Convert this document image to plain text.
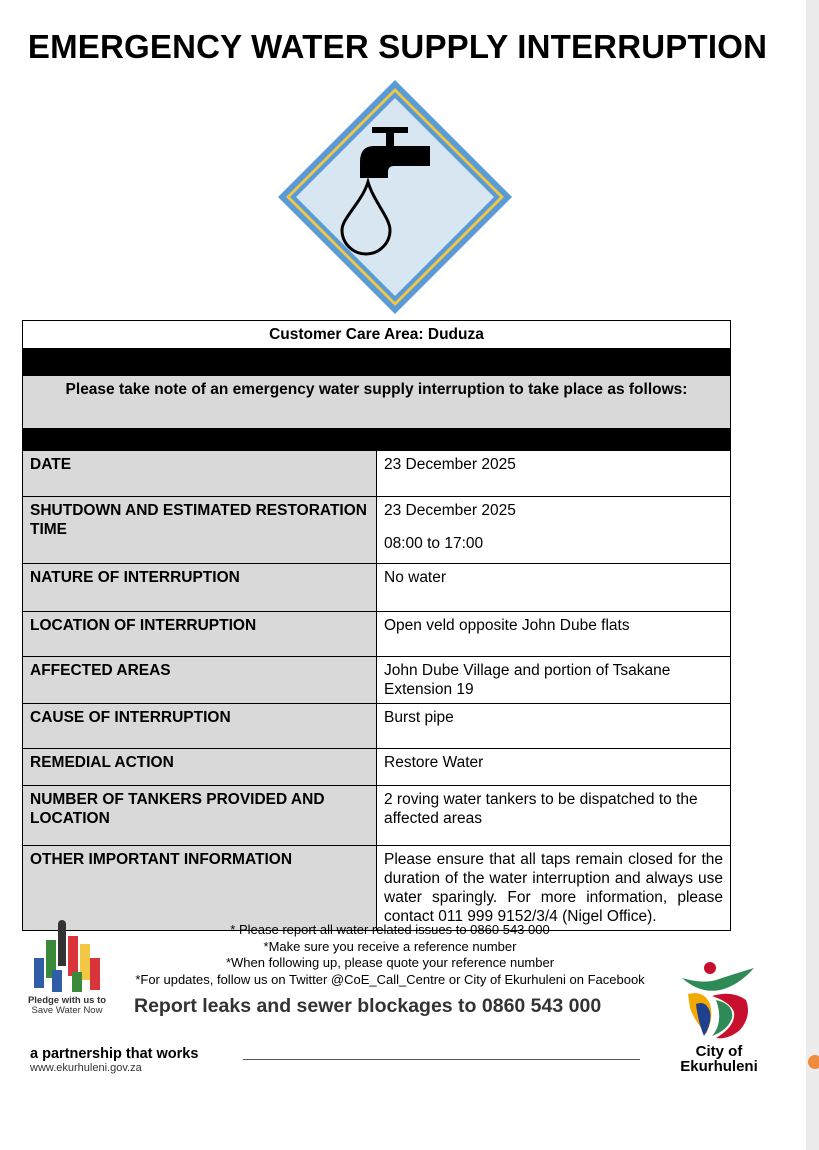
EMERGENCY WATER SUPPLY INTERRUPTION
Customer Care Area: Duduza	

Please take note of an emergency water supply interruption to take place as follows:	

DATE	23 December 2025
SHUTDOWN AND ESTIMATED RESTORATION TIME	23 December 2025
08:00 to 17:00

NATURE OF INTERRUPTION	No water
LOCATION OF INTERRUPTION	Open veld opposite John Dube flats
AFFECTED AREAS	John Dube Village and portion of Tsakane Extension 19
CAUSE OF INTERRUPTION	Burst pipe
REMEDIAL ACTION	Restore Water
NUMBER OF TANKERS PROVIDED AND LOCATION	2 roving water tankers to be dispatched to the affected areas
OTHER IMPORTANT INFORMATION	Please ensure that all taps remain closed for the duration of the water interruption and always use water sparingly. For more information, please contact 011 999 9152/3/4 (Nigel Office).
Pledge with us to
Save Water Now
* Please report all water related issues to 0860 543 000
*Make sure you receive a reference number
*When following up, please quote your reference number
*For updates, follow us on Twitter @CoE_Call_Centre or City of Ekurhuleni on Facebook
Report leaks and sewer blockages to 0860 543 000
a partnership that works
www.ekurhuleni.gov.za
City of
Ekurhuleni
